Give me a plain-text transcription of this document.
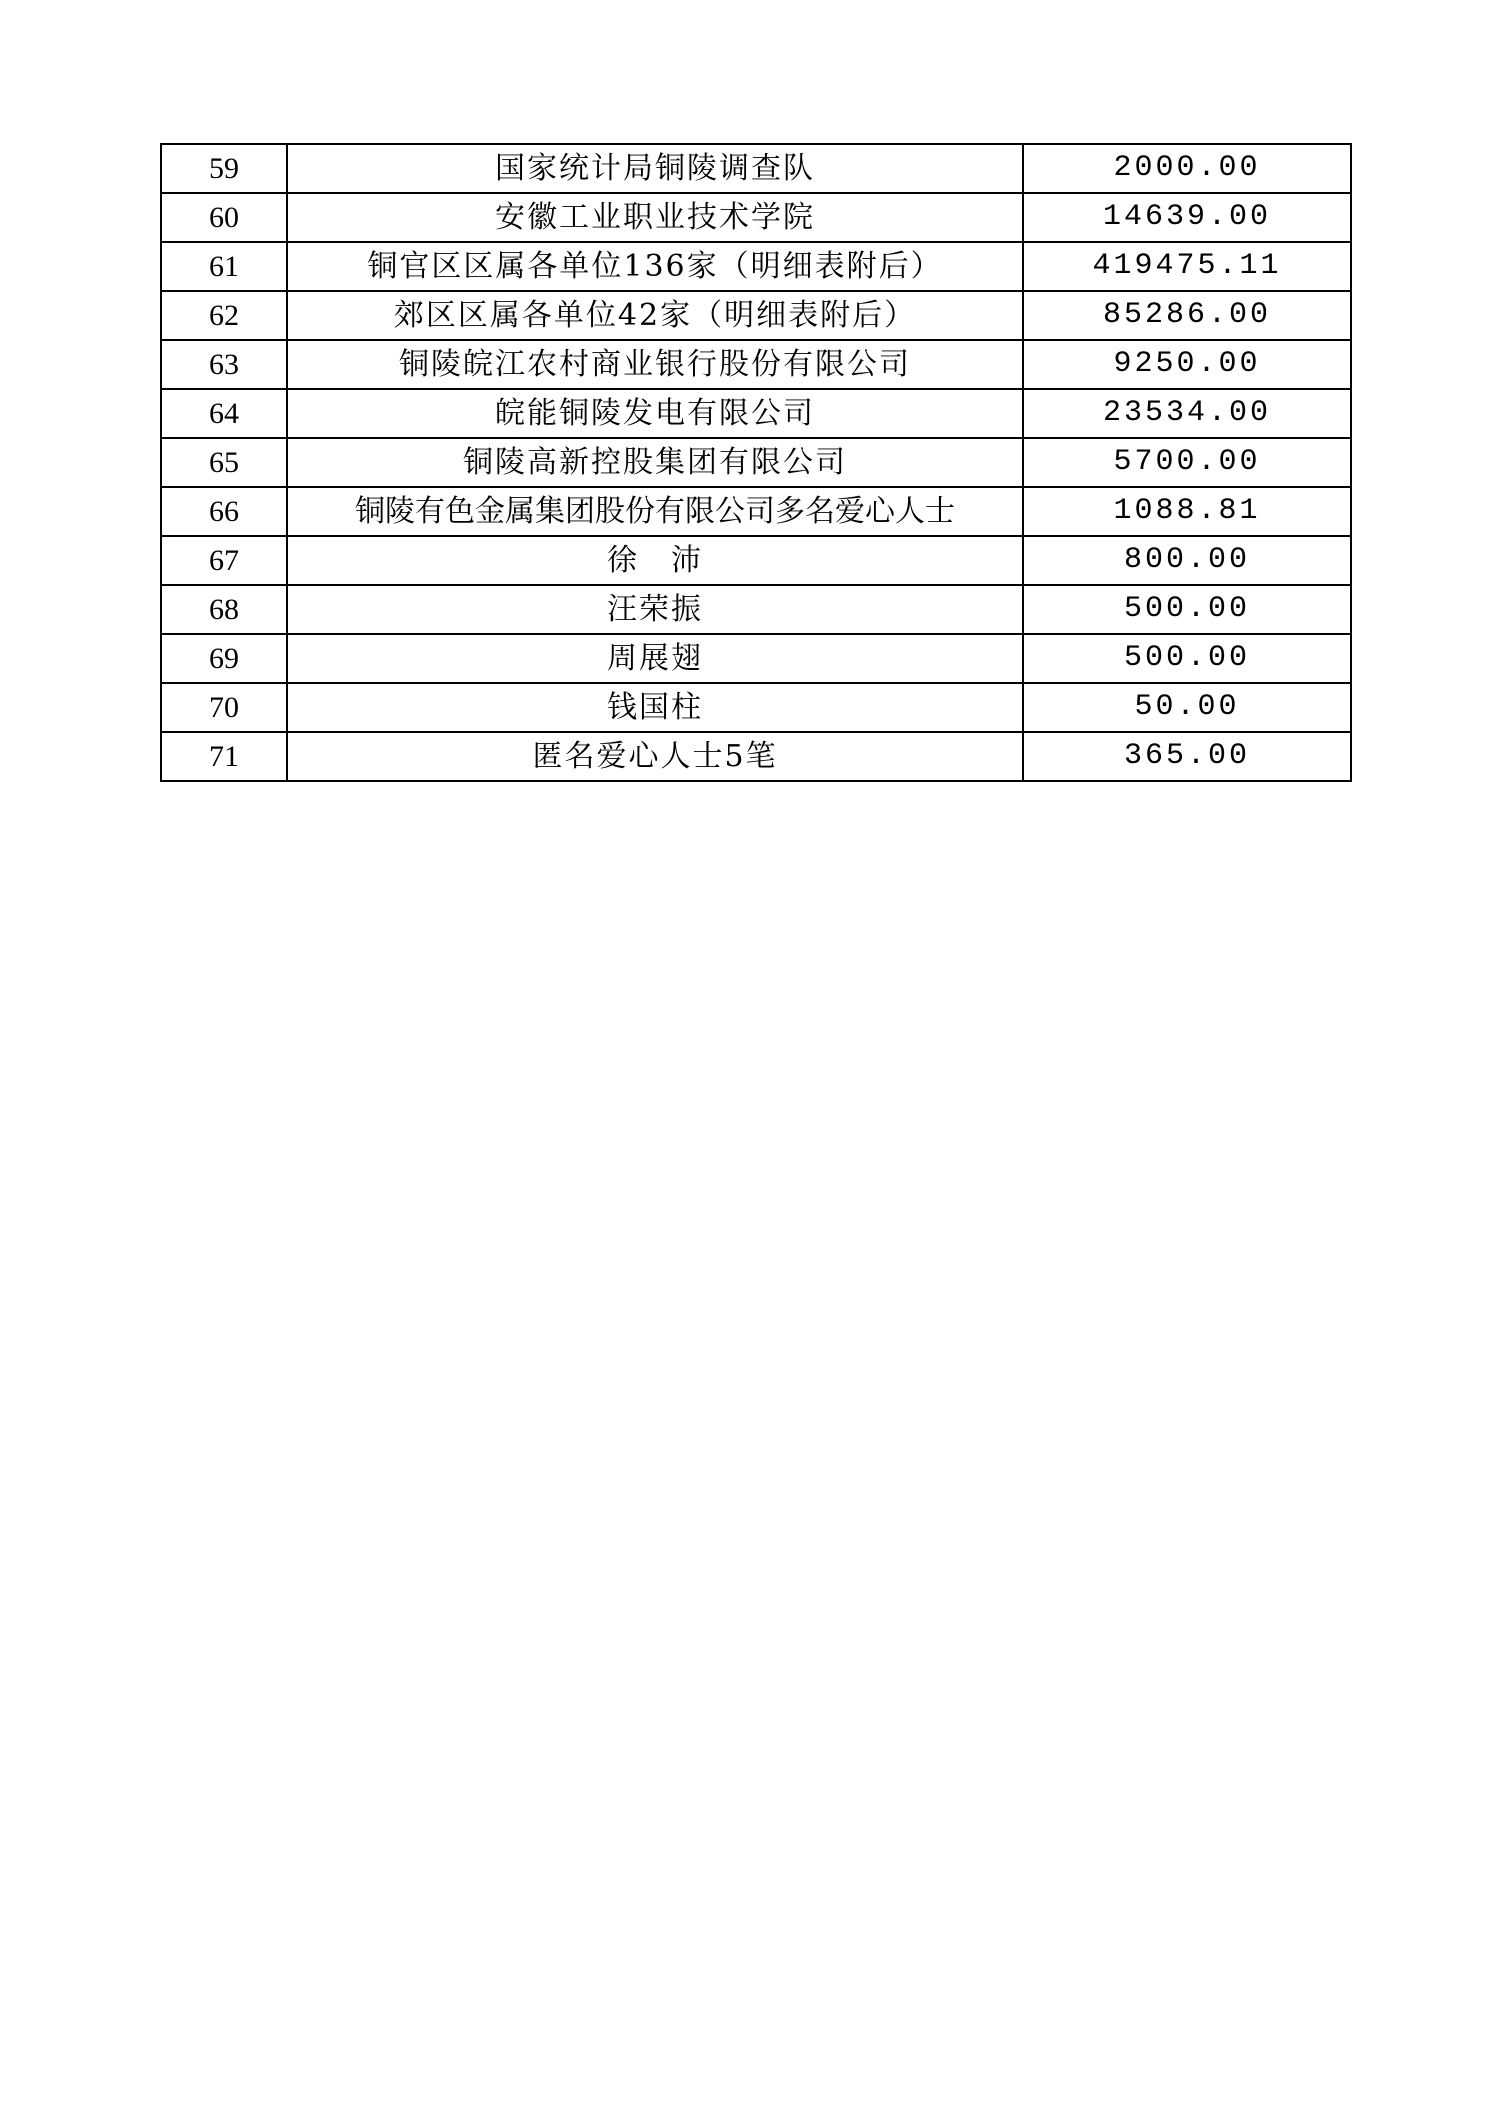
59	国家统计局铜陵调查队	2000.00
60	安徽工业职业技术学院	14639.00
61	铜官区区属各单位136家（明细表附后）	419475.11
62	郊区区属各单位42家（明细表附后）	85286.00
63	铜陵皖江农村商业银行股份有限公司	9250.00
64	皖能铜陵发电有限公司	23534.00
65	铜陵高新控股集团有限公司	5700.00
66	铜陵有色金属集团股份有限公司多名爱心人士	1088.81
67	徐　沛	800.00
68	汪荣振	500.00
69	周展翅	500.00
70	钱国柱	50.00
71	匿名爱心人士5笔	365.00
